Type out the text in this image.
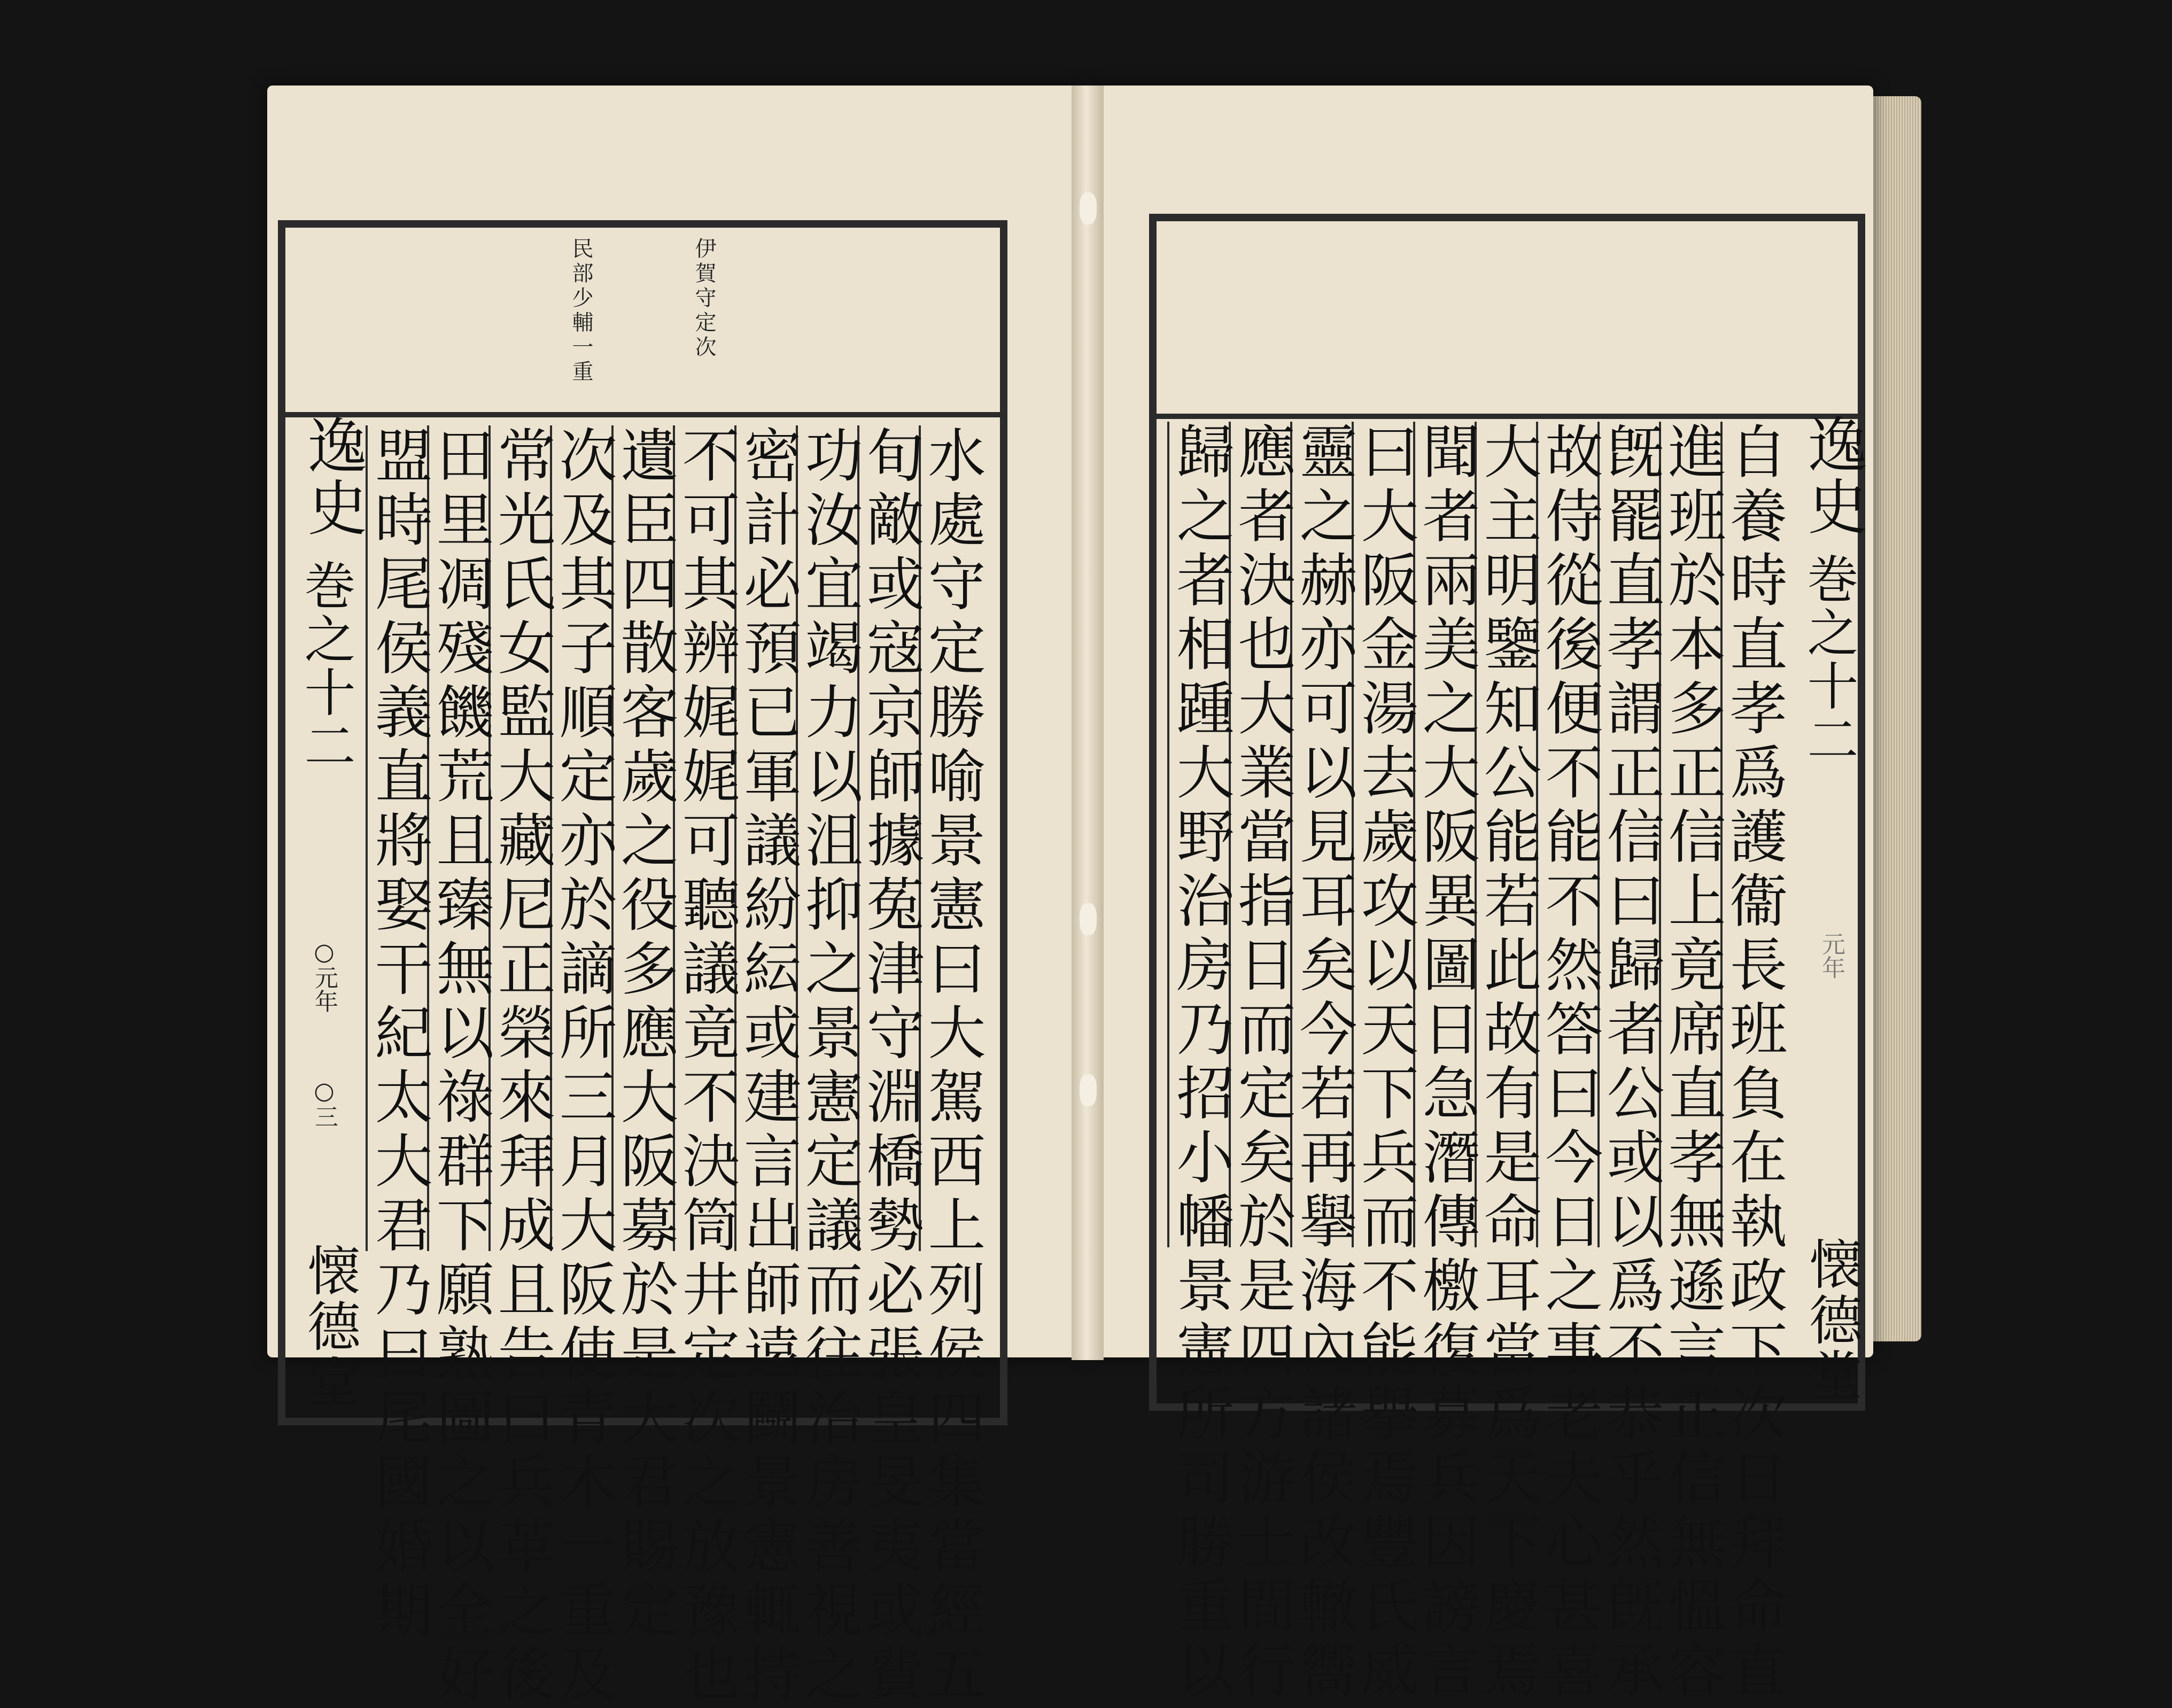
伊賀守定次
民部少輔一重
水處守定勝喻景憲曰大駕西上列侯四集當經五
旬敵或寇京師據菟津守淵橋勢必張皇旻夷或費
功汝宜竭力以沮抑之景憲定議而往治房善視之
密計必預已軍議紛紜或建言出師遠鬭景憲輒持
不可其辨娓娓可聽議竟不決筒井定次之放豫也
遺臣四散客歲之役多應大阪募於是大君賜定
次及其子順定亦於謫所三月大阪使青木一重及
常光氏女監大藏尼正榮來拜成且告曰兵革之後
田里凋殘饑荒且臻無以祿群下願熟圖之以全好
盟時尾侯義直將娶干紀太大君乃曰尾國婚期
逸史
巻之十二
○元年
○三
懐德堂	自養時直孝爲護衞長班負在執政下次日拜命直
進班於本多正信上竟席直孝無遜言正信無慍容
旣罷直孝謂正信曰歸者公或以爲不恭乎然旣承
故侍從後便不能不然答曰今日之事老夫心甚喜
大主明鑒知公能若此故有是命耳當爲天下慶焉
聞者兩美之大阪異圖日急潛傳檄復募兵因謗言
曰大阪金湯去歲攻以天下兵而不能擧焉豐氏威
靈之赫亦可以見耳矣今若再擧海內諸侯改轍嚮
應者決也大業當指日而定矣於是四方游士間行
歸之者相踵大野治房乃招小幡景憲所司勝重以	逸史
巻之十二
元年
懐德堂
